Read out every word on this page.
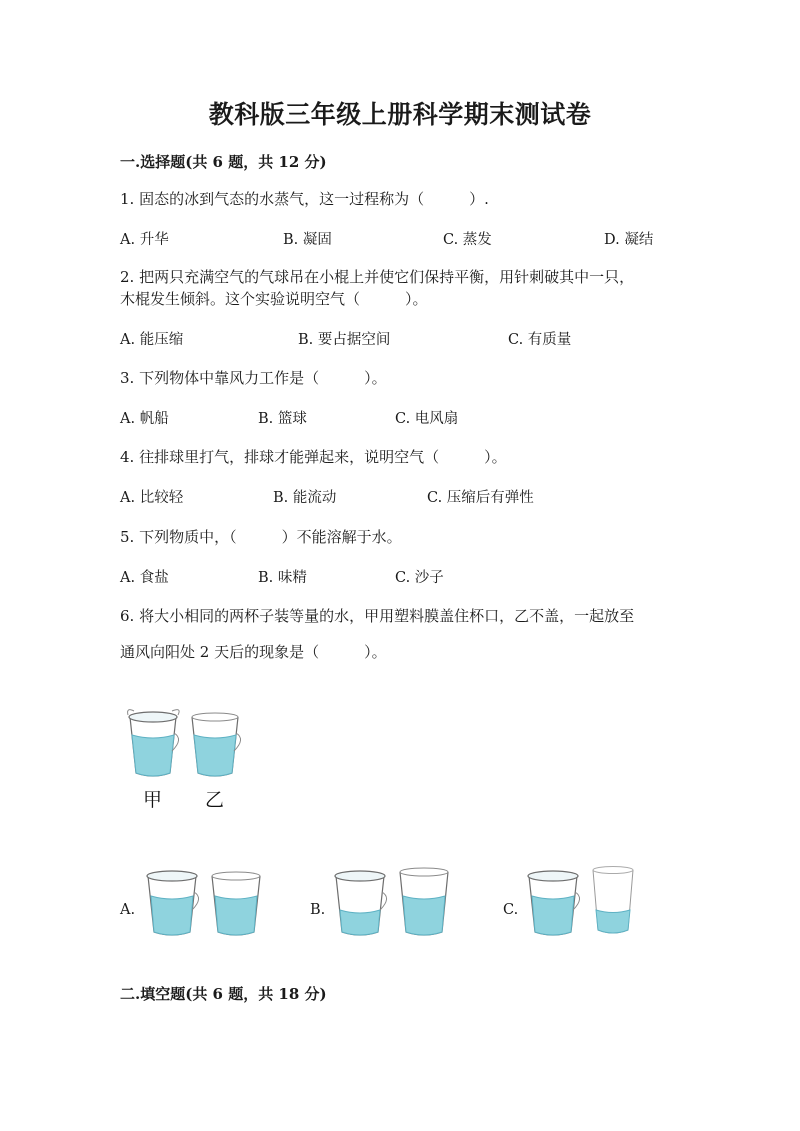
教科版三年级上册科学期末测试卷
一.选择题(共 6 题，共 12 分)
1. 固态的冰到气态的水蒸气，这一过程称为（　　　）.
A. 升华	B. 凝固	C. 蒸发	D. 凝结
2. 把两只充满空气的气球吊在小棍上并使它们保持平衡，用针刺破其中一只，
木棍发生倾斜。这个实验说明空气（　　　）。
A. 能压缩	B. 要占据空间	C. 有质量
3. 下列物体中靠风力工作是（　　　）。
A. 帆船	B. 篮球	C. 电风扇
4. 往排球里打气，排球才能弹起来，说明空气（　　　）。
A. 比较轻	B. 能流动	C. 压缩后有弹性
5. 下列物质中，（　　　）不能溶解于水。
A. 食盐	B. 味精	C. 沙子
6. 将大小相同的两杯子装等量的水，甲用塑料膜盖住杯口，乙不盖，一起放至
通风向阳处 2 天后的现象是（　　　）。
甲 乙
A.	B.	C.
二.填空题(共 6 题，共 18 分)
